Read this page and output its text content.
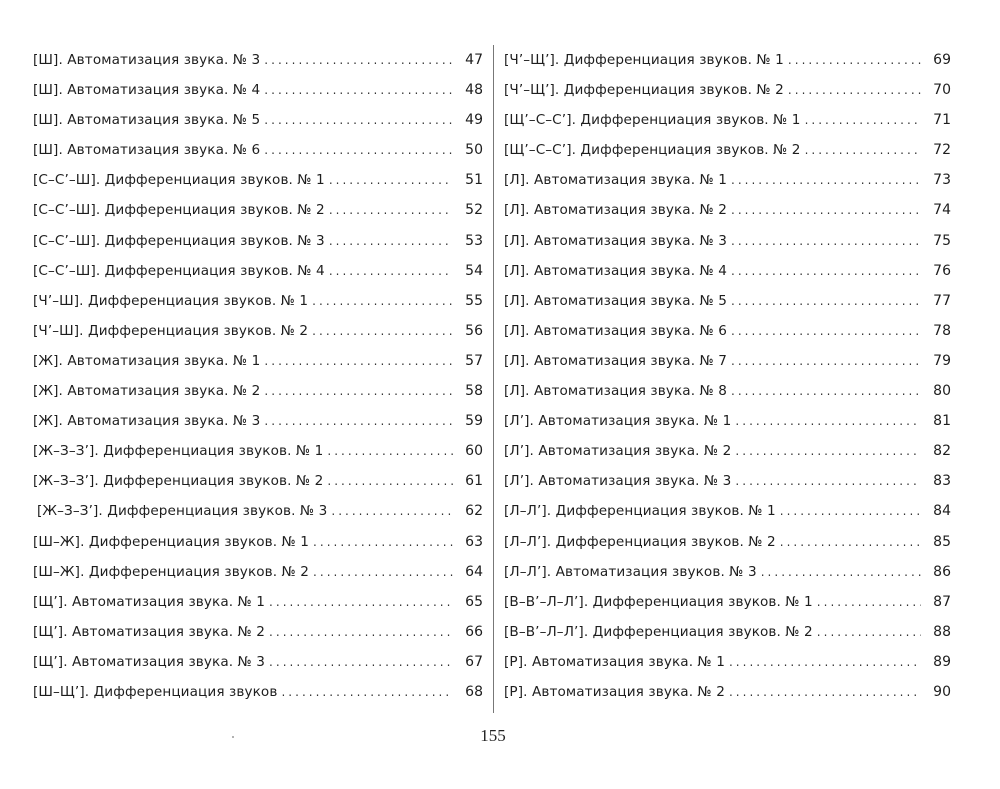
[Ш]. Автоматизация звука. № 3 . . .	47
[Ш]. Автоматизация звука. № 4 . . .	48
[Ш]. Автоматизация звука. № 5 . . .	49
[Ш]. Автоматизация звука. № 6 . . .	50
[С–С’–Ш]. Дифференциация звуков. № 1 . . .	51
[С–С’–Ш]. Дифференциация звуков. № 2 . . .	52
[С–С’–Ш]. Дифференциация звуков. № 3 . . .	53
[С–С’–Ш]. Дифференциация звуков. № 4 . . .	54
[Ч’–Ш]. Дифференциация звуков. № 1 . . .	55
[Ч’–Ш]. Дифференциация звуков. № 2 . . .	56
[Ж]. Автоматизация звука. № 1 . . .	57
[Ж]. Автоматизация звука. № 2 . . .	58
[Ж]. Автоматизация звука. № 3 . . .	59
[Ж–З–З’]. Дифференциация звуков. № 1 . . .	60
[Ж–З–З’]. Дифференциация звуков. № 2 . . .	61
[Ж–З–З’]. Дифференциация звуков. № 3 . . .	62
[Ш–Ж]. Дифференциация звуков. № 1 . . .	63
[Ш–Ж]. Дифференциация звуков. № 2 . . .	64
[Щ’]. Автоматизация звука. № 1 . . .	65
[Щ’]. Автоматизация звука. № 2 . . .	66
[Щ’]. Автоматизация звука. № 3 . . .	67
[Ш–Щ’]. Дифференциация звуков . . .	68
[Ч’–Щ’]. Дифференциация звуков. № 1 . . .	69
[Ч’–Щ’]. Дифференциация звуков. № 2 . . .	70
[Щ’–С–С’]. Дифференциация звуков. № 1 . . .	71
[Щ’–С–С’]. Дифференциация звуков. № 2 . . .	72
[Л]. Автоматизация звука. № 1 . . .	73
[Л]. Автоматизация звука. № 2 . . .	74
[Л]. Автоматизация звука. № 3 . . .	75
[Л]. Автоматизация звука. № 4 . . .	76
[Л]. Автоматизация звука. № 5 . . .	77
[Л]. Автоматизация звука. № 6 . . .	78
[Л]. Автоматизация звука. № 7 . . .	79
[Л]. Автоматизация звука. № 8 . . .	80
[Л’]. Автоматизация звука. № 1 . . .	81
[Л’]. Автоматизация звука. № 2 . . .	82
[Л’]. Автоматизация звука. № 3 . . .	83
[Л–Л’]. Дифференциация звуков. № 1 . . .	84
[Л–Л’]. Дифференциация звуков. № 2 . . .	85
[Л–Л’]. Автоматизация звуков. № 3 . . .	86
[В–В’–Л–Л’]. Дифференциация звуков. № 1 . . .	87
[В–В’–Л–Л’]. Дифференциация звуков. № 2 . . .	88
[Р]. Автоматизация звука. № 1 . . .	89
[Р]. Автоматизация звука. № 2 . . .	90
155
